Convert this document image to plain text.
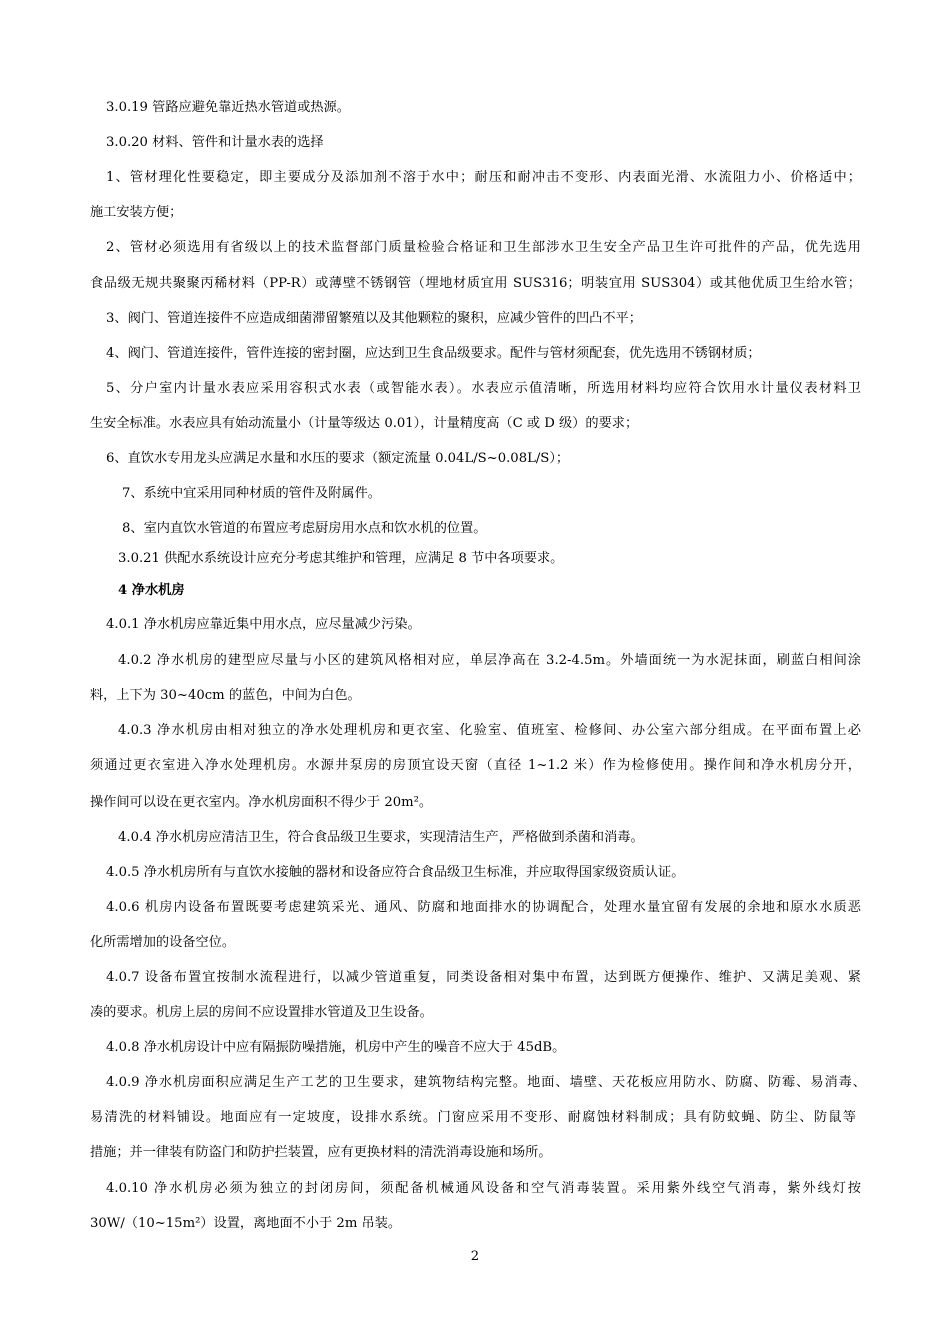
3.0.19 管路应避免靠近热水管道或热源。
3.0.20 材料、管件和计量水表的选择
1、管材理化性要稳定，即主要成分及添加剂不溶于水中；耐压和耐冲击不变形、内表面光滑、水流阻力小、价格适中；
施工安装方便；
2、管材必须选用有省级以上的技术监督部门质量检验合格证和卫生部涉水卫生安全产品卫生许可批件的产品，优先选用
食品级无规共聚聚丙稀材料（PP-R）或薄壁不锈钢管（埋地材质宜用 SUS316；明装宜用 SUS304）或其他优质卫生给水管；
3、阀门、管道连接件不应造成细菌滞留繁殖以及其他颗粒的聚积，应减少管件的凹凸不平；
4、阀门、管道连接件，管件连接的密封圈，应达到卫生食品级要求。配件与管材须配套，优先选用不锈钢材质；
5、分户室内计量水表应采用容积式水表（或智能水表）。水表应示值清晰，所选用材料均应符合饮用水计量仪表材料卫
生安全标准。水表应具有始动流量小（计量等级达 0.01），计量精度高（C 或 D 级）的要求；
6、直饮水专用龙头应满足水量和水压的要求（额定流量 0.04L/S~0.08L/S）；
7、系统中宜采用同种材质的管件及附属件。
8、室内直饮水管道的布置应考虑厨房用水点和饮水机的位置。
3.0.21 供配水系统设计应充分考虑其维护和管理，应满足 8 节中各项要求。
4 净水机房
4.0.1 净水机房应靠近集中用水点，应尽量减少污染。
4.0.2 净水机房的建型应尽量与小区的建筑风格相对应，单层净高在 3.2-4.5m。外墙面统一为水泥抹面，刷蓝白相间涂
料，上下为 30~40cm 的蓝色，中间为白色。
4.0.3 净水机房由相对独立的净水处理机房和更衣室、化验室、值班室、检修间、办公室六部分组成。在平面布置上必
须通过更衣室进入净水处理机房。水源井泵房的房顶宜设天窗（直径 1~1.2 米）作为检修使用。操作间和净水机房分开，
操作间可以设在更衣室内。净水机房面积不得少于 20m²。
4.0.4 净水机房应清洁卫生，符合食品级卫生要求，实现清洁生产，严格做到杀菌和消毒。
4.0.5 净水机房所有与直饮水接触的器材和设备应符合食品级卫生标准，并应取得国家级资质认证。
4.0.6 机房内设备布置既要考虑建筑采光、通风、防腐和地面排水的协调配合，处理水量宜留有发展的余地和原水水质恶
化所需增加的设备空位。
4.0.7 设备布置宜按制水流程进行，以减少管道重复，同类设备相对集中布置，达到既方便操作、维护、又满足美观、紧
凑的要求。机房上层的房间不应设置排水管道及卫生设备。
4.0.8 净水机房设计中应有隔振防噪措施，机房中产生的噪音不应大于 45dB。
4.0.9 净水机房面积应满足生产工艺的卫生要求，建筑物结构完整。地面、墙壁、天花板应用防水、防腐、防霉、易消毒、
易清洗的材料铺设。地面应有一定坡度，设排水系统。门窗应采用不变形、耐腐蚀材料制成；具有防蚊蝇、防尘、防鼠等
措施；并一律装有防盗门和防护拦装置，应有更换材料的清洗消毒设施和场所。
4.0.10 净水机房必须为独立的封闭房间，须配备机械通风设备和空气消毒装置。采用紫外线空气消毒，紫外线灯按
30W/（10~15m²）设置，离地面不小于 2m 吊装。
2
